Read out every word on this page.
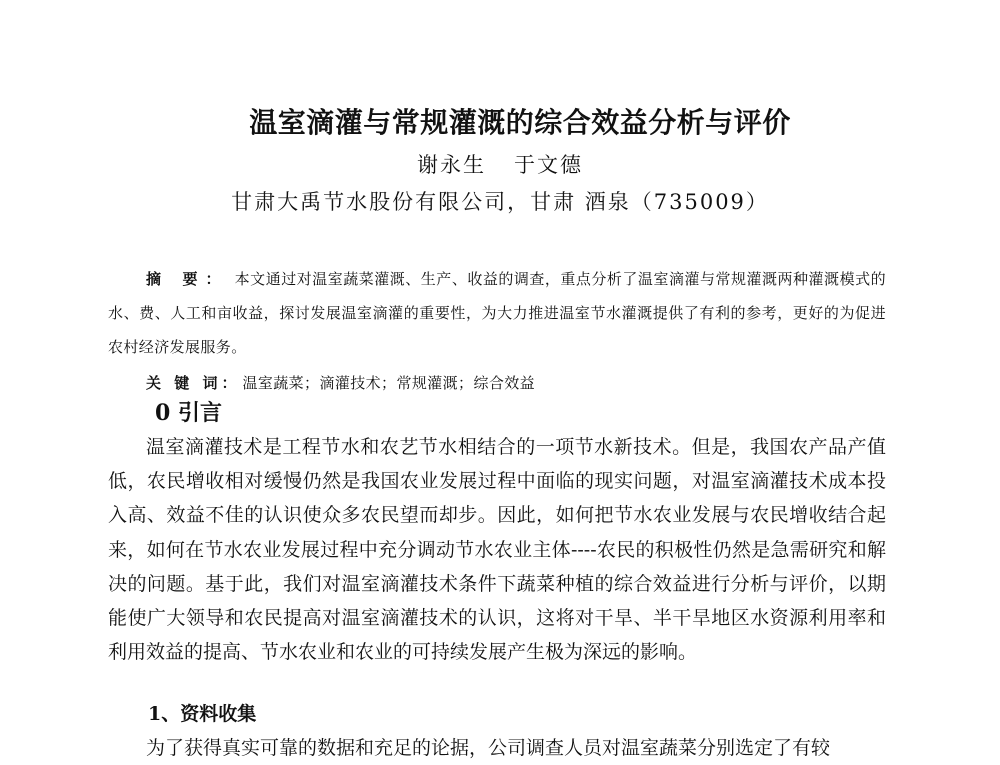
温室滴灌与常规灌溉的综合效益分析与评价
谢永生 于文德
甘肃大禹节水股份有限公司，甘肃 酒泉（735009）

摘 要： 本文通过对温室蔬菜灌溉、生产、收益的调查，重点分析了温室滴灌与常规灌溉两种灌溉模式的水、费、人工和亩收益，探讨发展温室滴灌的重要性，为大力推进温室节水灌溉提供了有利的参考，更好的为促进农村经济发展服务。

关 键 词： 温室蔬菜；滴灌技术；常规灌溉；综合效益
0 引言

温室滴灌技术是工程节水和农艺节水相结合的一项节水新技术。但是，我国农产品产值低，农民增收相对缓慢仍然是我国农业发展过程中面临的现实问题，对温室滴灌技术成本投入高、效益不佳的认识使众多农民望而却步。因此，如何把节水农业发展与农民增收结合起来，如何在节水农业发展过程中充分调动节水农业主体----农民的积极性仍然是急需研究和解决的问题。基于此，我们对温室滴灌技术条件下蔬菜种植的综合效益进行分析与评价，以期能使广大领导和农民提高对温室滴灌技术的认识，这将对干旱、半干旱地区水资源利用率和利用效益的提高、节水农业和农业的可持续发展产生极为深远的影响。

1、资料收集

为了获得真实可靠的数据和充足的论据，公司调查人员对温室蔬菜分别选定了有较
